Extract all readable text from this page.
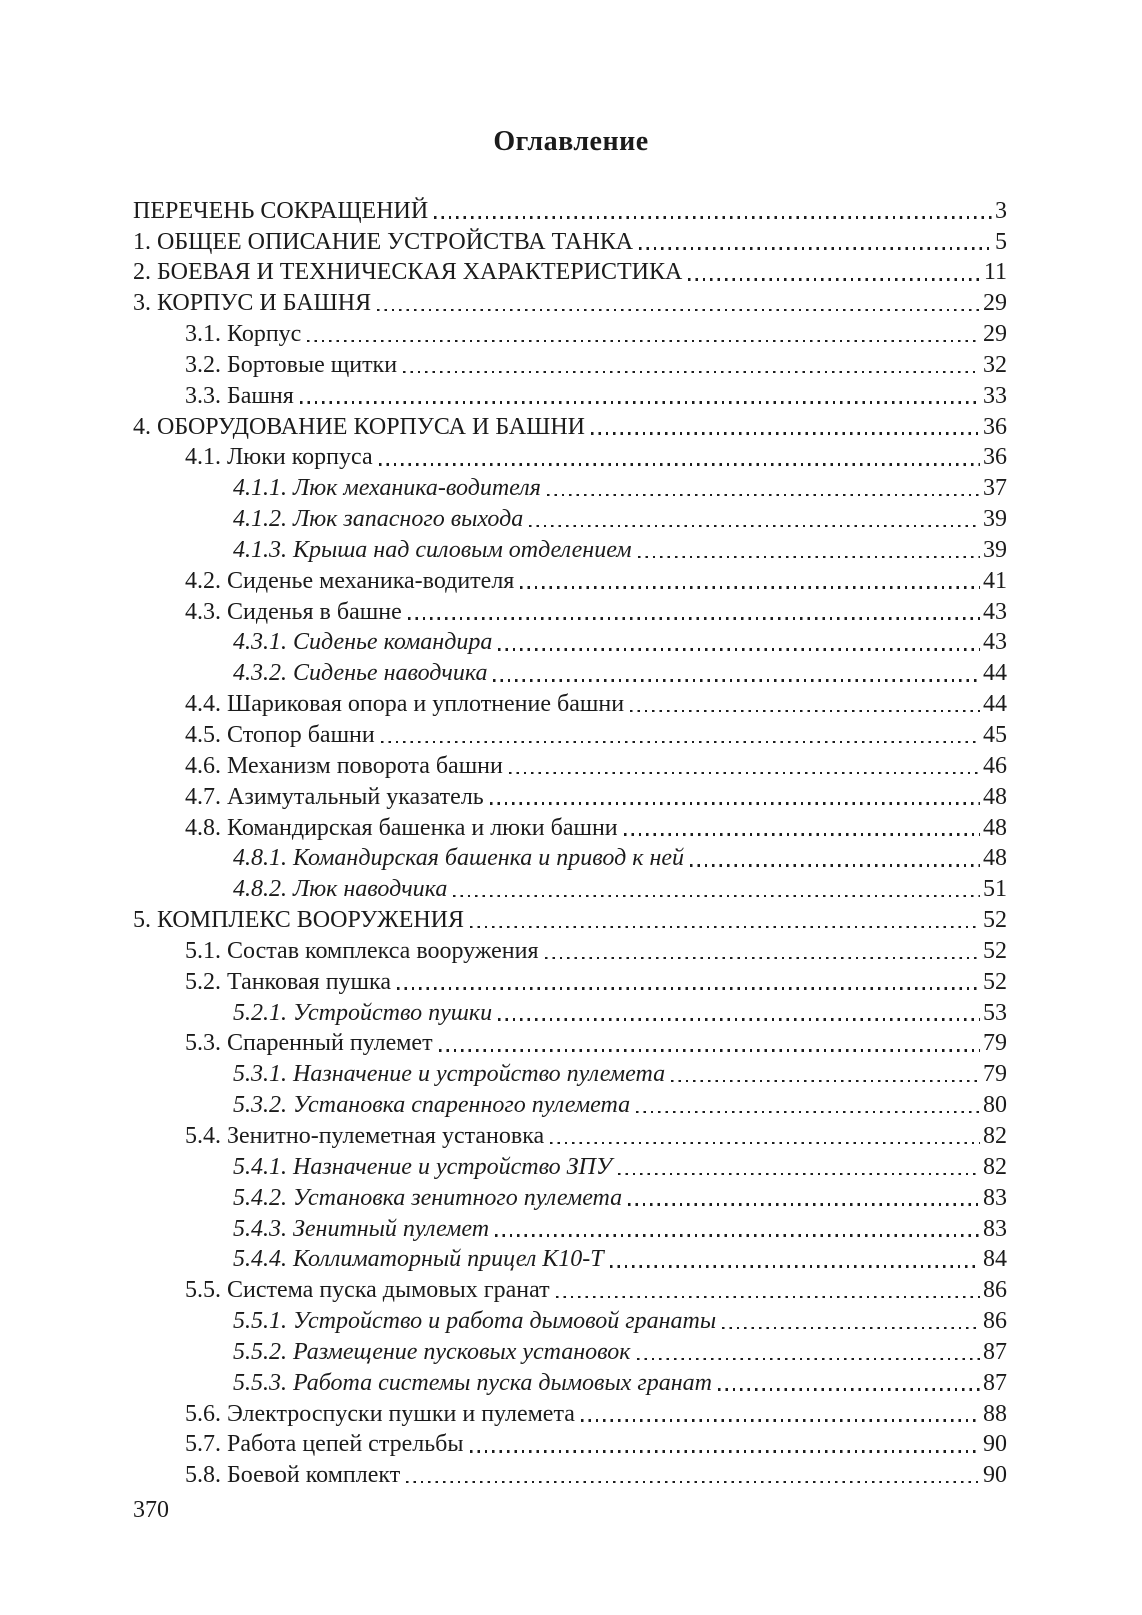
Оглавление
ПЕРЕЧЕНЬ СОКРАЩЕНИЙ	3
1. ОБЩЕЕ ОПИСАНИЕ УСТРОЙСТВА ТАНКА	5
2. БОЕВАЯ И ТЕХНИЧЕСКАЯ ХАРАКТЕРИСТИКА	11
3. КОРПУС И БАШНЯ	29
3.1. Корпус	29
3.2. Бортовые щитки	32
3.3. Башня	33
4. ОБОРУДОВАНИЕ КОРПУСА И БАШНИ	36
4.1. Люки корпуса	36
4.1.1. Люк механика-водителя	37
4.1.2. Люк запасного выхода	39
4.1.3. Крыша над силовым отделением	39
4.2. Сиденье механика-водителя	41
4.3. Сиденья в башне	43
4.3.1. Сиденье командира	43
4.3.2. Сиденье наводчика	44
4.4. Шариковая опора и уплотнение башни	44
4.5. Стопор башни	45
4.6. Механизм поворота башни	46
4.7. Азимутальный указатель	48
4.8. Командирская башенка и люки башни	48
4.8.1. Командирская башенка и привод к ней	48
4.8.2. Люк наводчика	51
5. КОМПЛЕКС ВООРУЖЕНИЯ	52
5.1. Состав комплекса вооружения	52
5.2. Танковая пушка	52
5.2.1. Устройство пушки	53
5.3. Спаренный пулемет	79
5.3.1. Назначение и устройство пулемета	79
5.3.2. Установка спаренного пулемета	80
5.4. Зенитно-пулеметная установка	82
5.4.1. Назначение и устройство ЗПУ	82
5.4.2. Установка зенитного пулемета	83
5.4.3. Зенитный пулемет	83
5.4.4. Коллиматорный прицел К10-Т	84
5.5. Система пуска дымовых гранат	86
5.5.1. Устройство и работа дымовой гранаты	86
5.5.2. Размещение пусковых установок	87
5.5.3. Работа системы пуска дымовых гранат	87
5.6. Электроспуски пушки и пулемета	88
5.7. Работа цепей стрельбы	90
5.8. Боевой комплект	90
370
